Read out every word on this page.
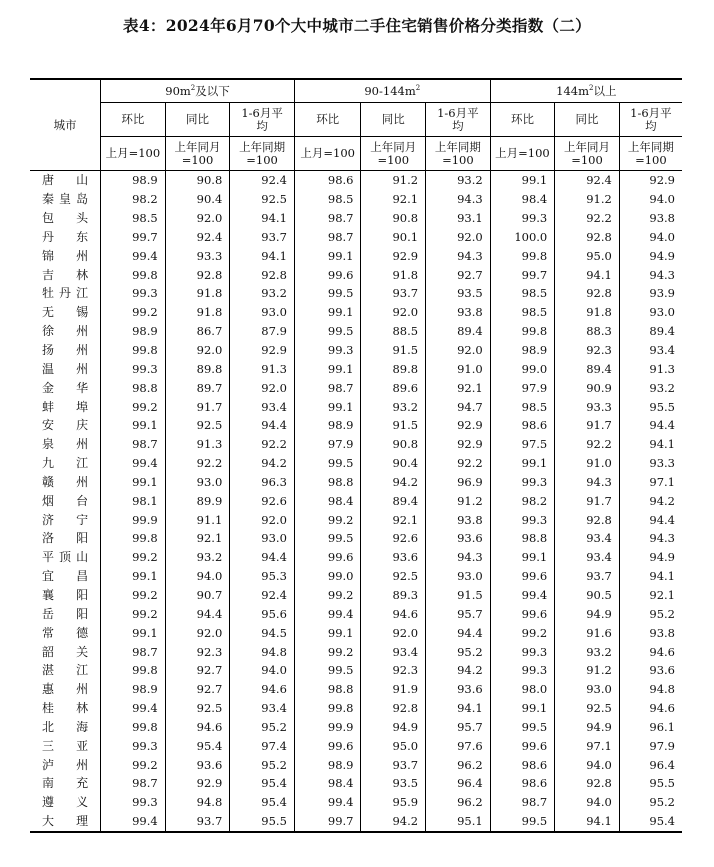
表4：2024年6月70个大中城市二手住宅销售价格分类指数（二）
城市	$90m^2$及以下			$90-144m^2$			$144m^2$以上		
	环比	同比	1-6月平均	环比	同比	1-6月平均	环比	同比	1-6月平均
	上月=100	上年同月=100	上年同期=100	上月=100	上年同月=100	上年同期=100	上月=100	上年同月=100	上年同期=100
唐山	98.9	90.8	92.4	98.6	91.2	93.2	99.1	92.4	92.9
秦皇岛	98.2	90.4	92.5	98.5	92.1	94.3	98.4	91.2	94.0
包头	98.5	92.0	94.1	98.7	90.8	93.1	99.3	92.2	93.8
丹东	99.7	92.4	93.7	98.7	90.1	92.0	100.0	92.8	94.0
锦州	99.4	93.3	94.1	99.1	92.9	94.3	99.8	95.0	94.9
吉林	99.8	92.8	92.8	99.6	91.8	92.7	99.7	94.1	94.3
牡丹江	99.3	91.8	93.2	99.5	93.7	93.5	98.5	92.8	93.9
无锡	99.2	91.8	93.0	99.1	92.0	93.8	98.5	91.8	93.0
徐州	98.9	86.7	87.9	99.5	88.5	89.4	99.8	88.3	89.4
扬州	99.8	92.0	92.9	99.3	91.5	92.0	98.9	92.3	93.4
温州	99.3	89.8	91.3	99.1	89.8	91.0	99.0	89.4	91.3
金华	98.8	89.7	92.0	98.7	89.6	92.1	97.9	90.9	93.2
蚌埠	99.2	91.7	93.4	99.1	93.2	94.7	98.5	93.3	95.5
安庆	99.1	92.5	94.4	98.9	91.5	92.9	98.6	91.7	94.4
泉州	98.7	91.3	92.2	97.9	90.8	92.9	97.5	92.2	94.1
九江	99.4	92.2	94.2	99.5	90.4	92.2	99.1	91.0	93.3
赣州	99.1	93.0	96.3	98.8	94.2	96.9	99.3	94.3	97.1
烟台	98.1	89.9	92.6	98.4	89.4	91.2	98.2	91.7	94.2
济宁	99.9	91.1	92.0	99.2	92.1	93.8	99.3	92.8	94.4
洛阳	99.8	92.1	93.0	99.5	92.6	93.6	98.8	93.4	94.3
平顶山	99.2	93.2	94.4	99.6	93.6	94.3	99.1	93.4	94.9
宜昌	99.1	94.0	95.3	99.0	92.5	93.0	99.6	93.7	94.1
襄阳	99.2	90.7	92.4	99.2	89.3	91.5	99.4	90.5	92.1
岳阳	99.2	94.4	95.6	99.4	94.6	95.7	99.6	94.9	95.2
常德	99.1	92.0	94.5	99.1	92.0	94.4	99.2	91.6	93.8
韶关	98.7	92.3	94.8	99.2	93.4	95.2	99.3	93.2	94.6
湛江	99.8	92.7	94.0	99.5	92.3	94.2	99.3	91.2	93.6
惠州	98.9	92.7	94.6	98.8	91.9	93.6	98.0	93.0	94.8
桂林	99.4	92.5	93.4	99.8	92.8	94.1	99.1	92.5	94.6
北海	99.8	94.6	95.2	99.9	94.9	95.7	99.5	94.9	96.1
三亚	99.3	95.4	97.4	99.6	95.0	97.6	99.6	97.1	97.9
泸州	99.2	93.6	95.2	98.9	93.7	96.2	98.6	94.0	96.4
南充	98.7	92.9	95.4	98.4	93.5	96.4	98.6	92.8	95.5
遵义	99.3	94.8	95.4	99.4	95.9	96.2	98.7	94.0	95.2
大理	99.4	93.7	95.5	99.7	94.2	95.1	99.5	94.1	95.4
